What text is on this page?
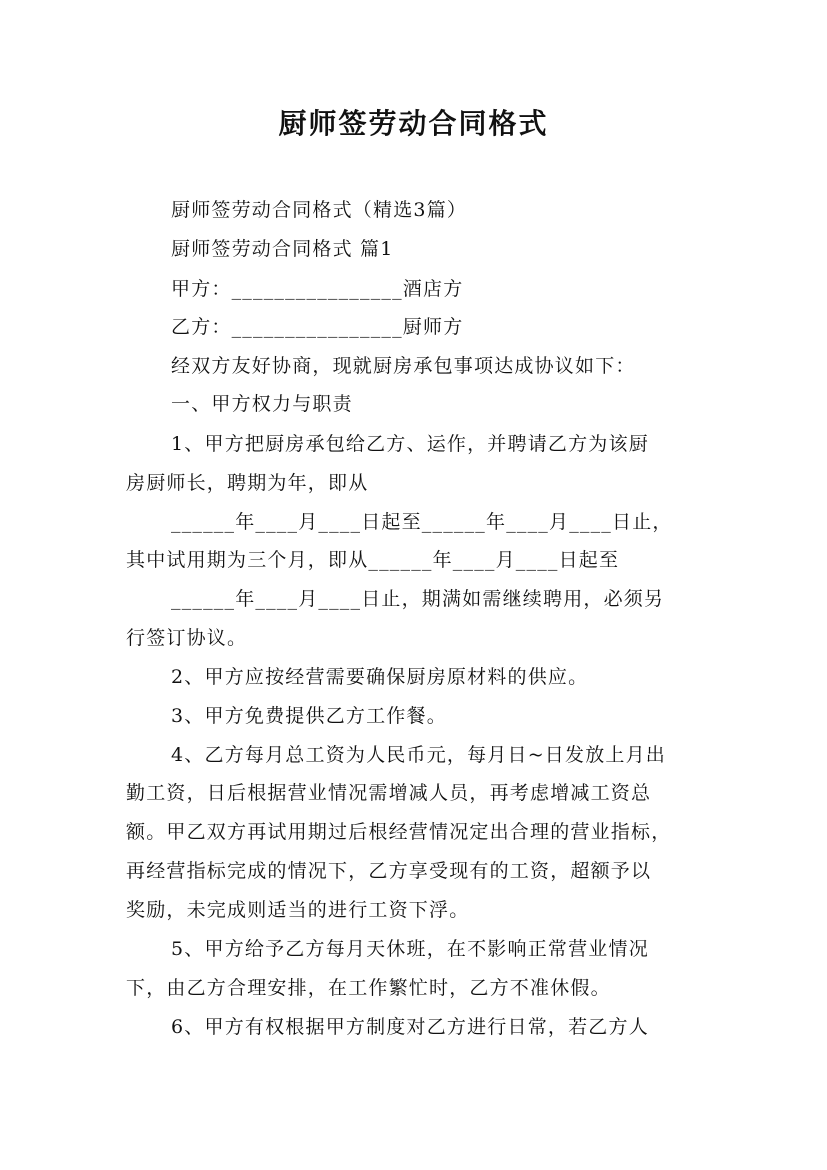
厨师签劳动合同格式
厨师签劳动合同格式（精选3篇）
厨师签劳动合同格式 篇1
甲方：________________酒店方
乙方：________________厨师方
经双方友好协商，现就厨房承包事项达成协议如下：
一、甲方权力与职责
1、甲方把厨房承包给乙方、运作，并聘请乙方为该厨
房厨师长，聘期为年，即从
______年____月____日起至______年____月____日止，
其中试用期为三个月，即从______年____月____日起至
______年____月____日止，期满如需继续聘用，必须另
行签订协议。
2、甲方应按经营需要确保厨房原材料的供应。
3、甲方免费提供乙方工作餐。
4、乙方每月总工资为人民币元，每月日~日发放上月出
勤工资，日后根据营业情况需增减人员，再考虑增减工资总
额。甲乙双方再试用期过后根经营情况定出合理的营业指标，
再经营指标完成的情况下，乙方享受现有的工资，超额予以
奖励，未完成则适当的进行工资下浮。
5、甲方给予乙方每月天休班，在不影响正常营业情况
下，由乙方合理安排，在工作繁忙时，乙方不准休假。
6、甲方有权根据甲方制度对乙方进行日常，若乙方人
